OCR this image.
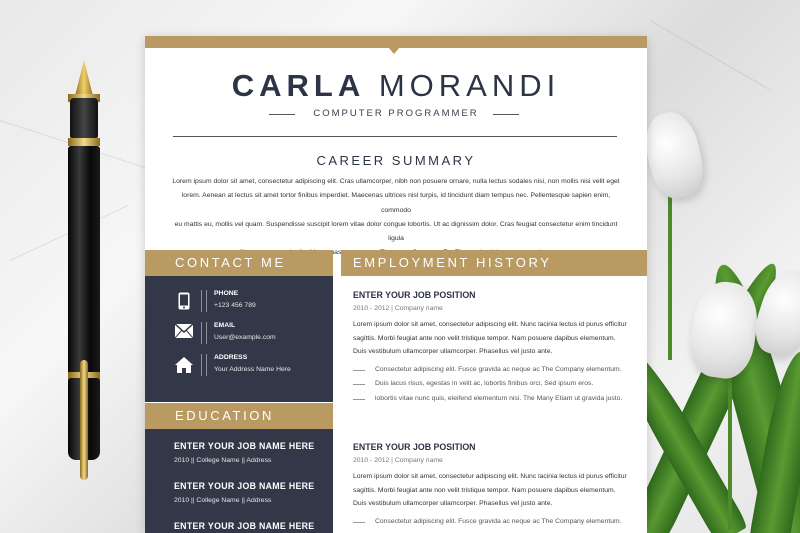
CARLA MORANDI
COMPUTER PROGRAMMER
CAREER SUMMARY
Lorem ipsum dolor sit amet, consectetur adipiscing elit. Cras ullamcorper, nibh non posuere ornare, nulla lectus sodales nisi, non mollis nisi velit eget
lorem. Aenean at lectus sit amet tortor finibus imperdiet. Maecenas ultrices nisl turpis, id tincidunt diam tempus nec. Pellentesque sapien enim, commodo
eu mattis eu, mollis vel quam. Suspendisse suscipit lorem vitae dolor congue lobortis. Ut ac dignissim dolor. Cras feugiat consectetur enim tincidunt ligula
CONTACT ME	EMPLOYMENT HISTORY
PHONE
+123 456 789
EMAIL
User@example.com
ADDRESS
Your Address Name Here
EDUCATION
ENTER YOUR JOB NAME HERE
2010 || College Name || Address
ENTER YOUR JOB NAME HERE
2010 || College Name || Address
ENTER YOUR JOB NAME HERE
ENTER YOUR JOB POSITION
2010 - 2012 | Company name
Lorem ipsum dolor sit amet, consectetur adipiscing elit. Nunc lacinia lectus id purus efficitur
sagittis. Morbi feugiat ante non velit tristique tempor. Nam posuere dapibus elementum.
Duis vestibulum ullamcorper ullamcorper. Phasellus vel justo ante.
Consectetur adipiscing elit. Fusce gravida ac neque ac The Company elementum.
Duis lacus risus, egestas in velit ac, lobortis finibus orci, Sed ipsum eros.
lobortis vitae nunc quis, eleifend elementum nisi. The Many Etiam ut gravida justo.
ENTER YOUR JOB POSITION
2010 - 2012 | Company name
Lorem ipsum dolor sit amet, consectetur adipiscing elit. Nunc lacinia lectus id purus efficitur
sagittis. Morbi feugiat ante non velit tristique tempor. Nam posuere dapibus elementum.
Duis vestibulum ullamcorper ullamcorper. Phasellus vel justo ante.
Consectetur adipiscing elit. Fusce gravida ac neque ac The Company elementum.
